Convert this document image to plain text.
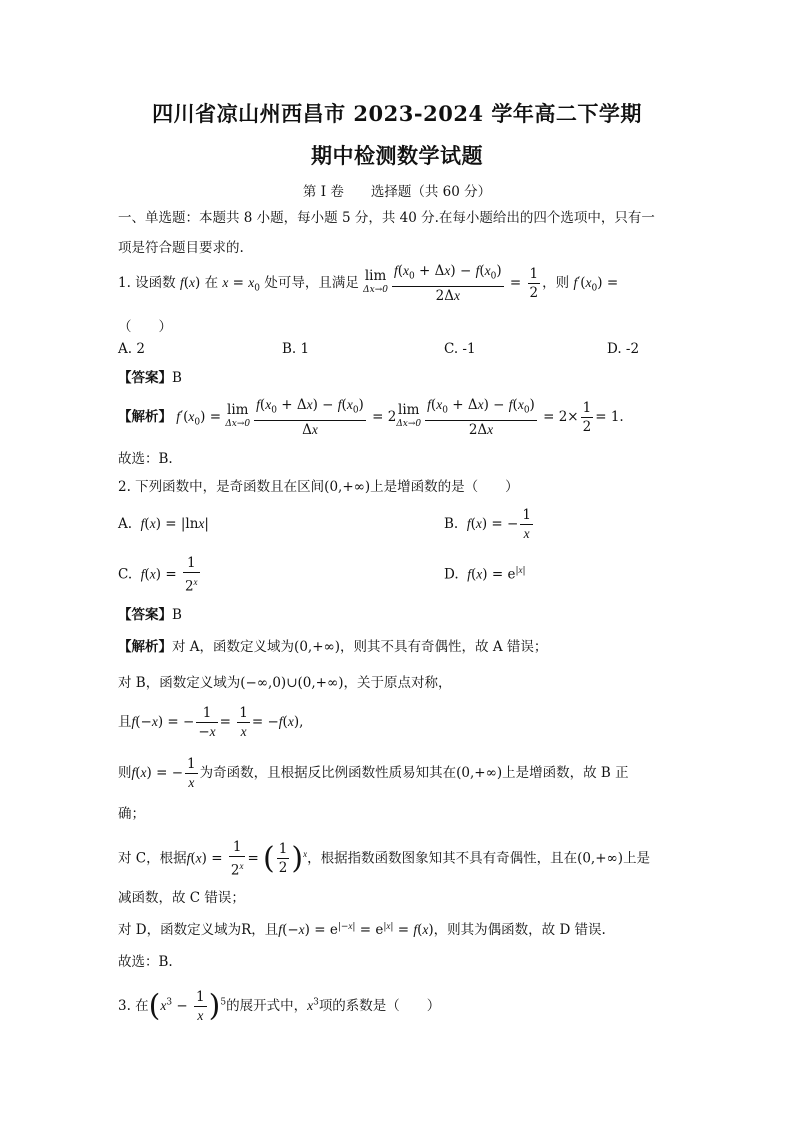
四川省凉山州西昌市 2023-2024 学年高二下学期
期中检测数学试题
第 I 卷　　选择题（共 60 分）
一、单选题：本题共 8 小题，每小题 5 分，共 40 分.在每小题给出的四个选项中，只有一
项是符合题目要求的.
1. 设函数 f(x) 在 $x = x_0$ 处可导，且满足 lim
$\Delta x\to 0 \frac{f(x_0 + \Delta x) - f(x_0)}{2\Delta x} = \frac{1}{2}$ ，则 $f'(x_0)$ =
（　　）
A. 2	B. 1	C. -1	D. -2
【答案】B
【解析】 $f'(x_0) = \lim$
$\Delta x\to 0 \frac{f(x_0 + \Delta x) - f(x_0)}{\Delta x} = 2$ lim
$\Delta x\to 0 \frac{f(x_0 + \Delta x) - f(x_0)}{2\Delta x} = 2\times \frac{1}{2} = 1$.
故选：B.
2. 下列函数中，是奇函数且在区间(0,+∞)上是增函数的是（　　）
A. f(x) = |lnx|	B. f(x) = − $\frac{1}{x}$
C. $f(x) = \frac{1}{2^x}$	D. $f(x) = e^{|x|}$
【答案】B
【解析】对 A，函数定义域为(0,+∞)，则其不具有奇偶性，故 A 错误；
对 B，函数定义域为(−∞,0)∪(0,+∞)，关于原点对称，
且f(−x) = − $\frac{1}{-x} = \frac{1}{x} = -f(x)$,
则f(x) = − $\frac{1}{x}$ 为奇函数，且根据反比例函数性质易知其在(0,+∞)上是增函数，故 B 正
确；
对 C，根据$f(x) = \frac{1}{2^x}$ = ( $\frac{1}{2} )^x$，根据指数函数图象知其不具有奇偶性，且在(0,+∞)上是
减函数，故 C 错误；
对 D，函数定义域为R，且$f(-x) = e^{|-x|} = e^{|x|} = f(x)$，则其为偶函数，故 D 错误.
故选：B.
3. 在$(x^3 - \frac{1}{x} )^5$的展开式中，$x^3$项的系数是（　　）
